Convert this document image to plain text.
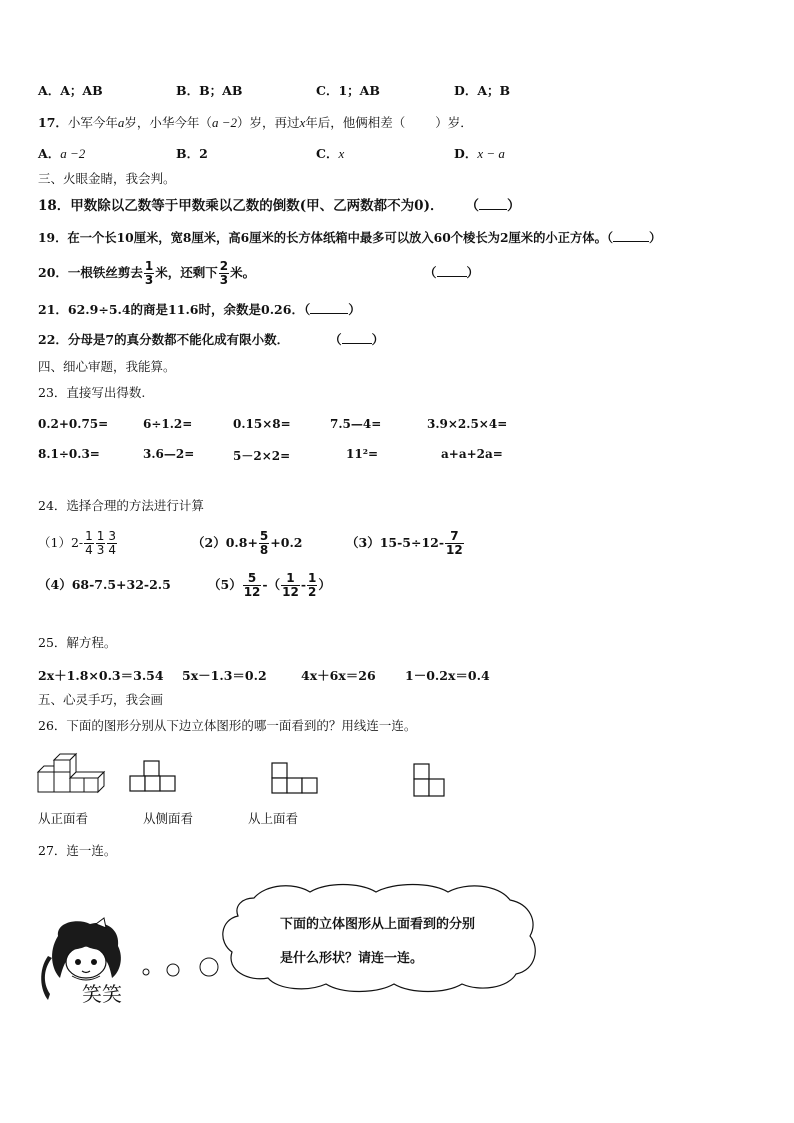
A．A；AB	B．B；AB	C．1；AB	D．A；B
17．小军今年a岁，小华今年（a −2）岁，再过x年后，他俩相差（ ）岁．
A．a −2	B．2	C．x	D．x − a
三、火眼金睛，我会判。
18．甲数除以乙数等于甲数乘以乙数的倒数(甲、乙两数都不为0)． （ ）
19．在一个长10厘米，宽8厘米，高6厘米的长方体纸箱中最多可以放入60个棱长为2厘米的小正方体。（	）
20．一根铁丝剪去 $\frac{1}{3}$ 米，还剩下 $\frac{2}{3}$ 米。	（ ）
21．62.9÷5.4的商是11.6时，余数是0.26．（	）
22．分母是7的真分数都不能化成有限小数．	（ ）
四、细心审题，我能算。
23．直接写出得数.
0.2+0.75=	6÷1.2=	0.15×8=	7.5—4=	3.9×2.5×4=
8.1÷0.3=	3.6—2=	5－2×2=	11²=	a+a+2a=
24．选择合理的方法进行计算
$(1)2- \frac{1}{4} \frac{1}{3} \frac{3}{4}$	$(2)0.8+ \frac{5}{8} +0.2$	$(3)15-5\div 12- \frac{7}{12}$
（4）68-7.5+32-2.5	$(5) \frac{5}{12}$ -（ $\frac{1}{12} - \frac{1}{2}$ ）
25．解方程。
2x＋1.8×0.3＝3.54 5x－1.3＝0.2	4x＋6x＝26 1－0.2x＝0.4
五、心灵手巧，我会画
26．下面的图形分别从下边立体图形的哪一面看到的？用线连一连。
从正面看	从侧面看	从上面看
27．连一连。
笑笑
下面的立体图形从上面看到的分别
是什么形状？请连一连。
